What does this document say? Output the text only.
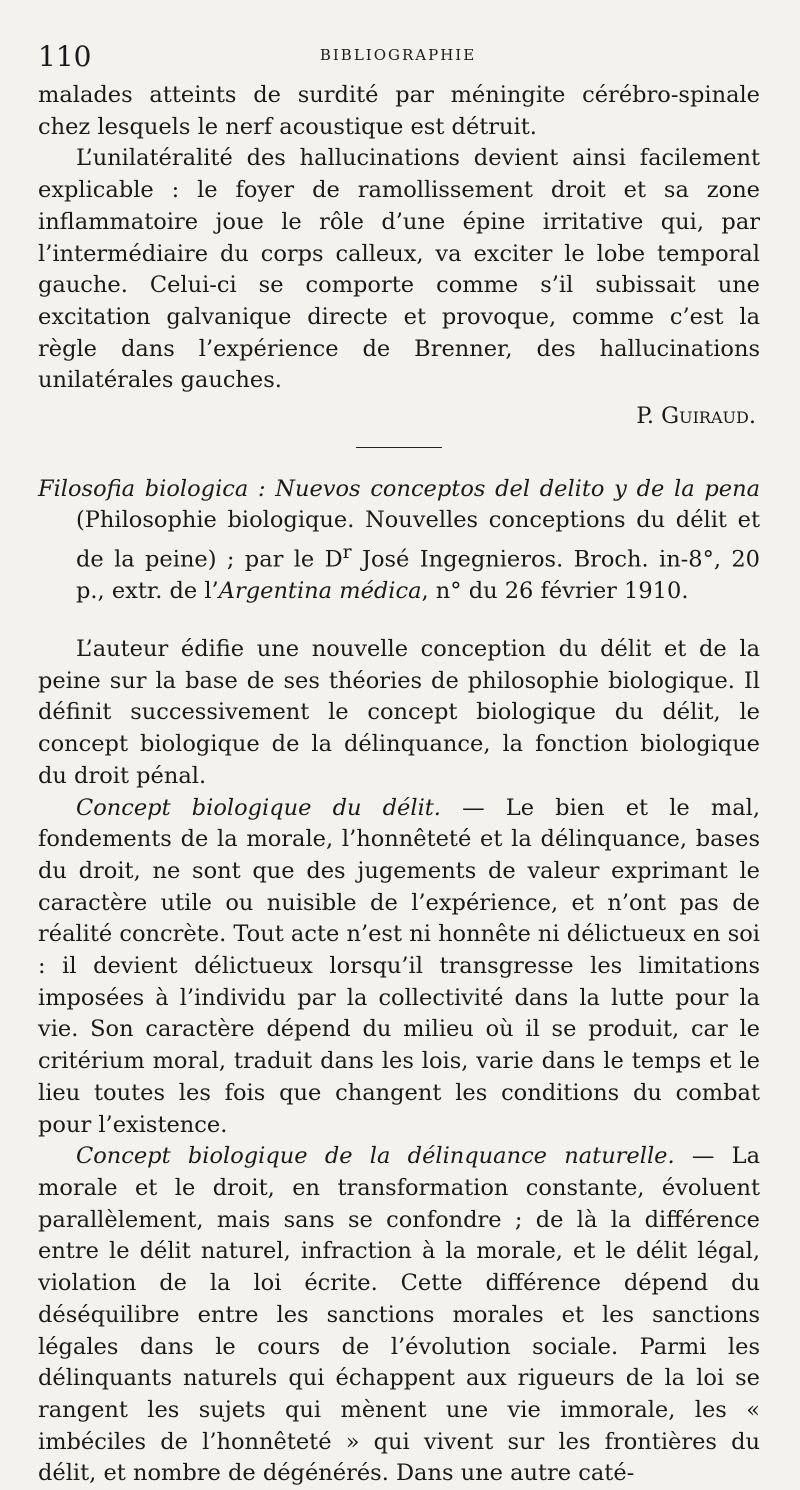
110	BIBLIOGRAPHIE

malades atteints de surdité par méningite cérébro-spinale chez lesquels le nerf acoustique est détruit.

L’unilatéralité des hallucinations devient ainsi facilement explicable : le foyer de ramollissement droit et sa zone inflammatoire joue le rôle d’une épine irritative qui, par l’intermédiaire du corps calleux, va exciter le lobe temporal gauche. Celui-ci se comporte comme s’il subissait une excitation galvanique directe et provoque, comme c’est la règle dans l’expérience de Brenner, des hallucinations unilatérales gauches.

P. Guiraud.

Filosofia biologica : Nuevos conceptos del delito y de la pena (Philosophie biologique. Nouvelles conceptions du délit et de la peine) ; par le $D^r$ José Ingegnieros. Broch. in-8°, 20 p., extr. de l’Argentina médica, n° du 26 février 1910.

L’auteur édifie une nouvelle conception du délit et de la peine sur la base de ses théories de philosophie biologique. Il définit successivement le concept biologique du délit, le concept biologique de la délinquance, la fonction biologique du droit pénal.

Concept biologique du délit. — Le bien et le mal, fondements de la morale, l’honnêteté et la délinquance, bases du droit, ne sont que des jugements de valeur exprimant le caractère utile ou nuisible de l’expérience, et n’ont pas de réalité concrète. Tout acte n’est ni honnête ni délictueux en soi : il devient délictueux lorsqu’il transgresse les limitations imposées à l’individu par la collectivité dans la lutte pour la vie. Son caractère dépend du milieu où il se produit, car le critérium moral, traduit dans les lois, varie dans le temps et le lieu toutes les fois que changent les conditions du combat pour l’existence.

Concept biologique de la délinquance naturelle. — La morale et le droit, en transformation constante, évoluent parallèlement, mais sans se confondre ; de là la différence entre le délit naturel, infraction à la morale, et le délit légal, violation de la loi écrite. Cette différence dépend du déséquilibre entre les sanctions morales et les sanctions légales dans le cours de l’évolution sociale. Parmi les délinquants naturels qui échappent aux rigueurs de la loi se rangent les sujets qui mènent une vie immorale, les « imbéciles de l’honnêteté » qui vivent sur les frontières du délit, et nombre de dégénérés. Dans une autre caté-
